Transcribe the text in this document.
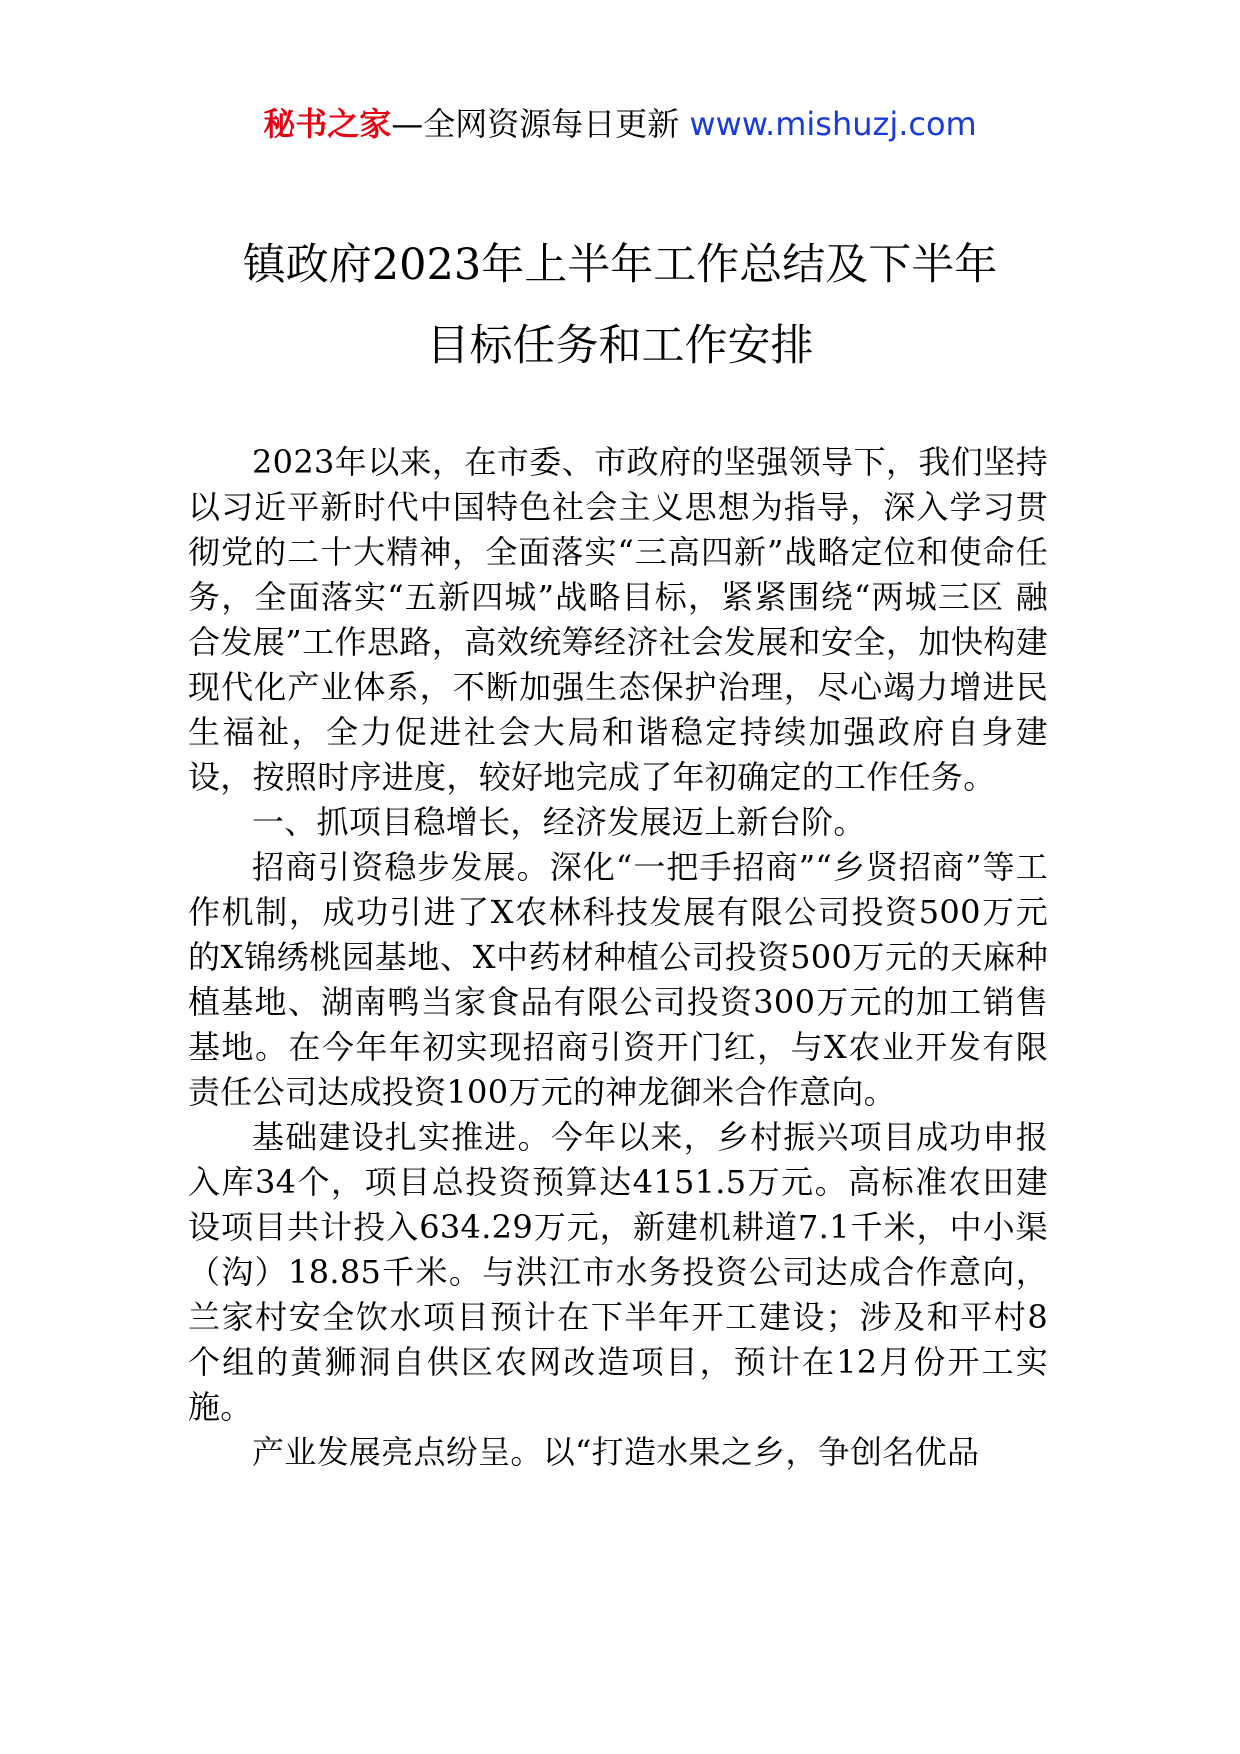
秘书之家—全网资源每日更新 www.mishuzj.com
镇政府2023年上半年工作总结及下半年
目标任务和工作安排

2023年以来，在市委、市政府的坚强领导下，我们坚持以习近平新时代中国特色社会主义思想为指导，深入学习贯彻党的二十大精神，全面落实“三高四新”战略定位和使命任务，全面落实“五新四城”战略目标，紧紧围绕“两城三区 融合发展”工作思路，高效统筹经济社会发展和安全，加快构建现代化产业体系，不断加强生态保护治理，尽心竭力增进民生福祉，全力促进社会大局和谐稳定持续加强政府自身建设，按照时序进度，较好地完成了年初确定的工作任务。

一、抓项目稳增长，经济发展迈上新台阶。

招商引资稳步发展。深化“一把手招商”“乡贤招商”等工作机制，成功引进了X农林科技发展有限公司投资500万元的X锦绣桃园基地、X中药材种植公司投资500万元的天麻种植基地、湖南鸭当家食品有限公司投资300万元的加工销售基地。在今年年初实现招商引资开门红，与X农业开发有限责任公司达成投资100万元的神龙御米合作意向。

基础建设扎实推进。今年以来，乡村振兴项目成功申报入库34个，项目总投资预算达4151.5万元。高标准农田建设项目共计投入634.29万元，新建机耕道7.1千米，中小渠（沟）18.85千米。与洪江市水务投资公司达成合作意向，兰家村安全饮水项目预计在下半年开工建设；涉及和平村8个组的黄狮洞自供区农网改造项目，预计在12月份开工实施。

产业发展亮点纷呈。以“打造水果之乡，争创名优品
